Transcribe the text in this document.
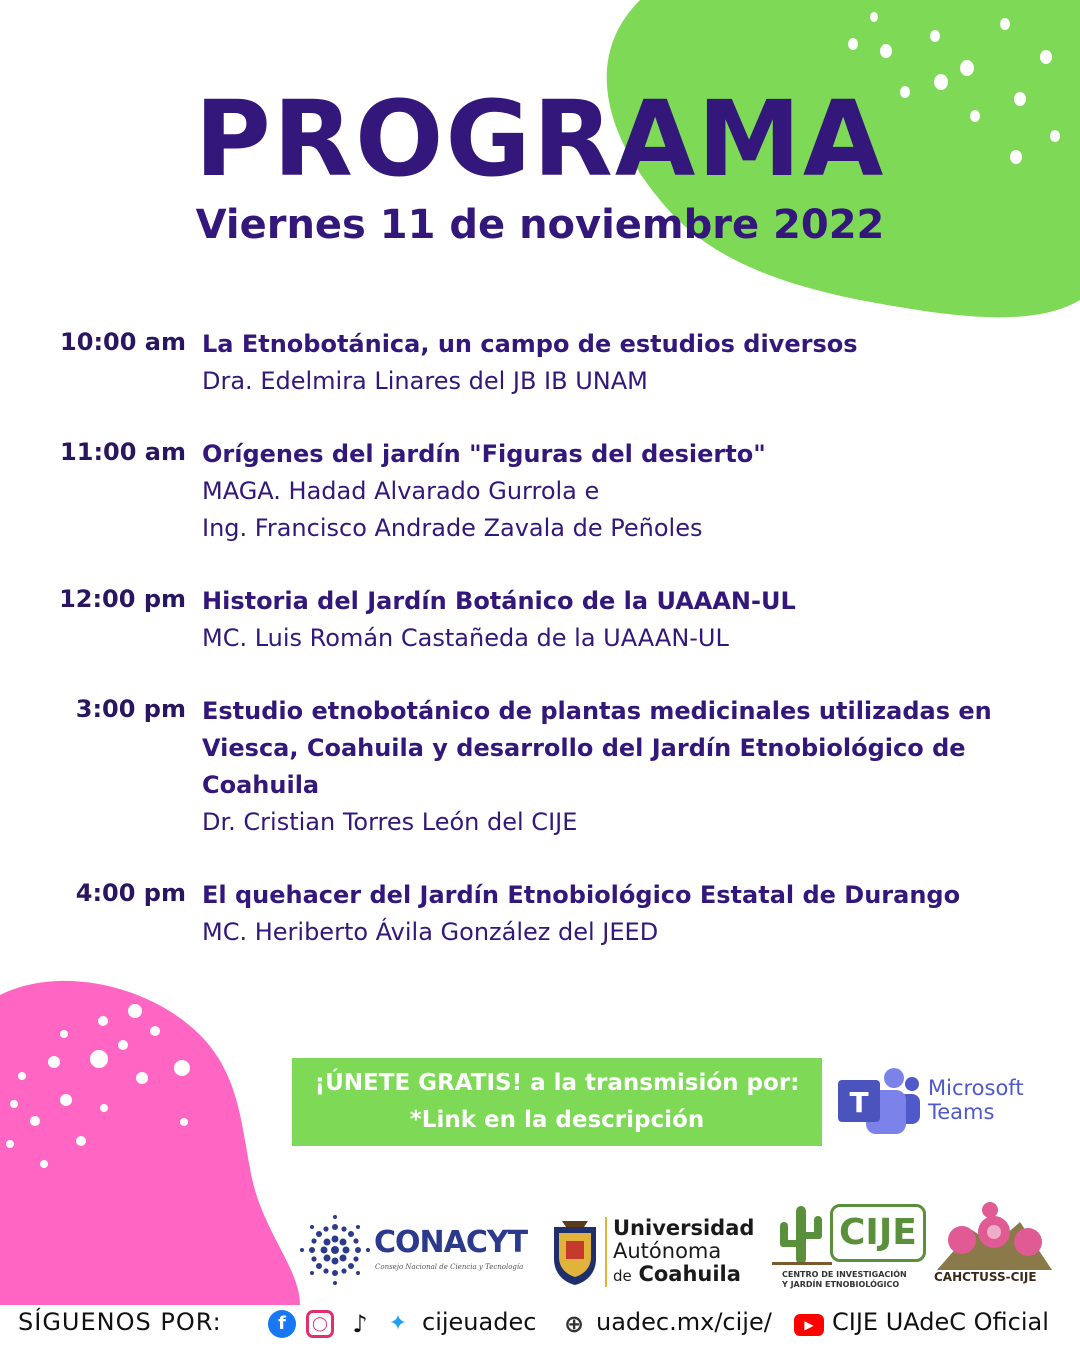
PROGRAMA
Viernes 11 de noviembre 2022
10:00 am La Etnobotánica, un campo de estudios diversos
Dra. Edelmira Linares del JB IB UNAM
11:00 am Orígenes del jardín "Figuras del desierto"
MAGA. Hadad Alvarado Gurrola e
Ing. Francisco Andrade Zavala de Peñoles
12:00 pm Historia del Jardín Botánico de la UAAAN-UL
MC. Luis Román Castañeda de la UAAAN-UL
3:00 pm Estudio etnobotánico de plantas medicinales utilizadas en
Viesca, Coahuila y desarrollo del Jardín Etnobiológico de
Coahuila
Dr. Cristian Torres León del CIJE
4:00 pm El quehacer del Jardín Etnobiológico Estatal de Durango
MC. Heriberto Ávila González del JEED
¡ÚNETE GRATIS! a la transmisión por:
*Link en la descripción
T	Microsoft
Teams
CONACYT
Consejo Nacional de Ciencia y Tecnología
Universidad
Autónoma
de Coahuila
CIJE
CENTRO DE INVESTIGACIÓN
Y JARDÍN ETNOBIOLÓGICO
CAHCTUSS-CIJE
SÍGUENOS POR:	f	◯ ♪ ✦ cijeuadec ⊕ uadec.mx/cije/	▶ CIJE UAdeC Oficial
